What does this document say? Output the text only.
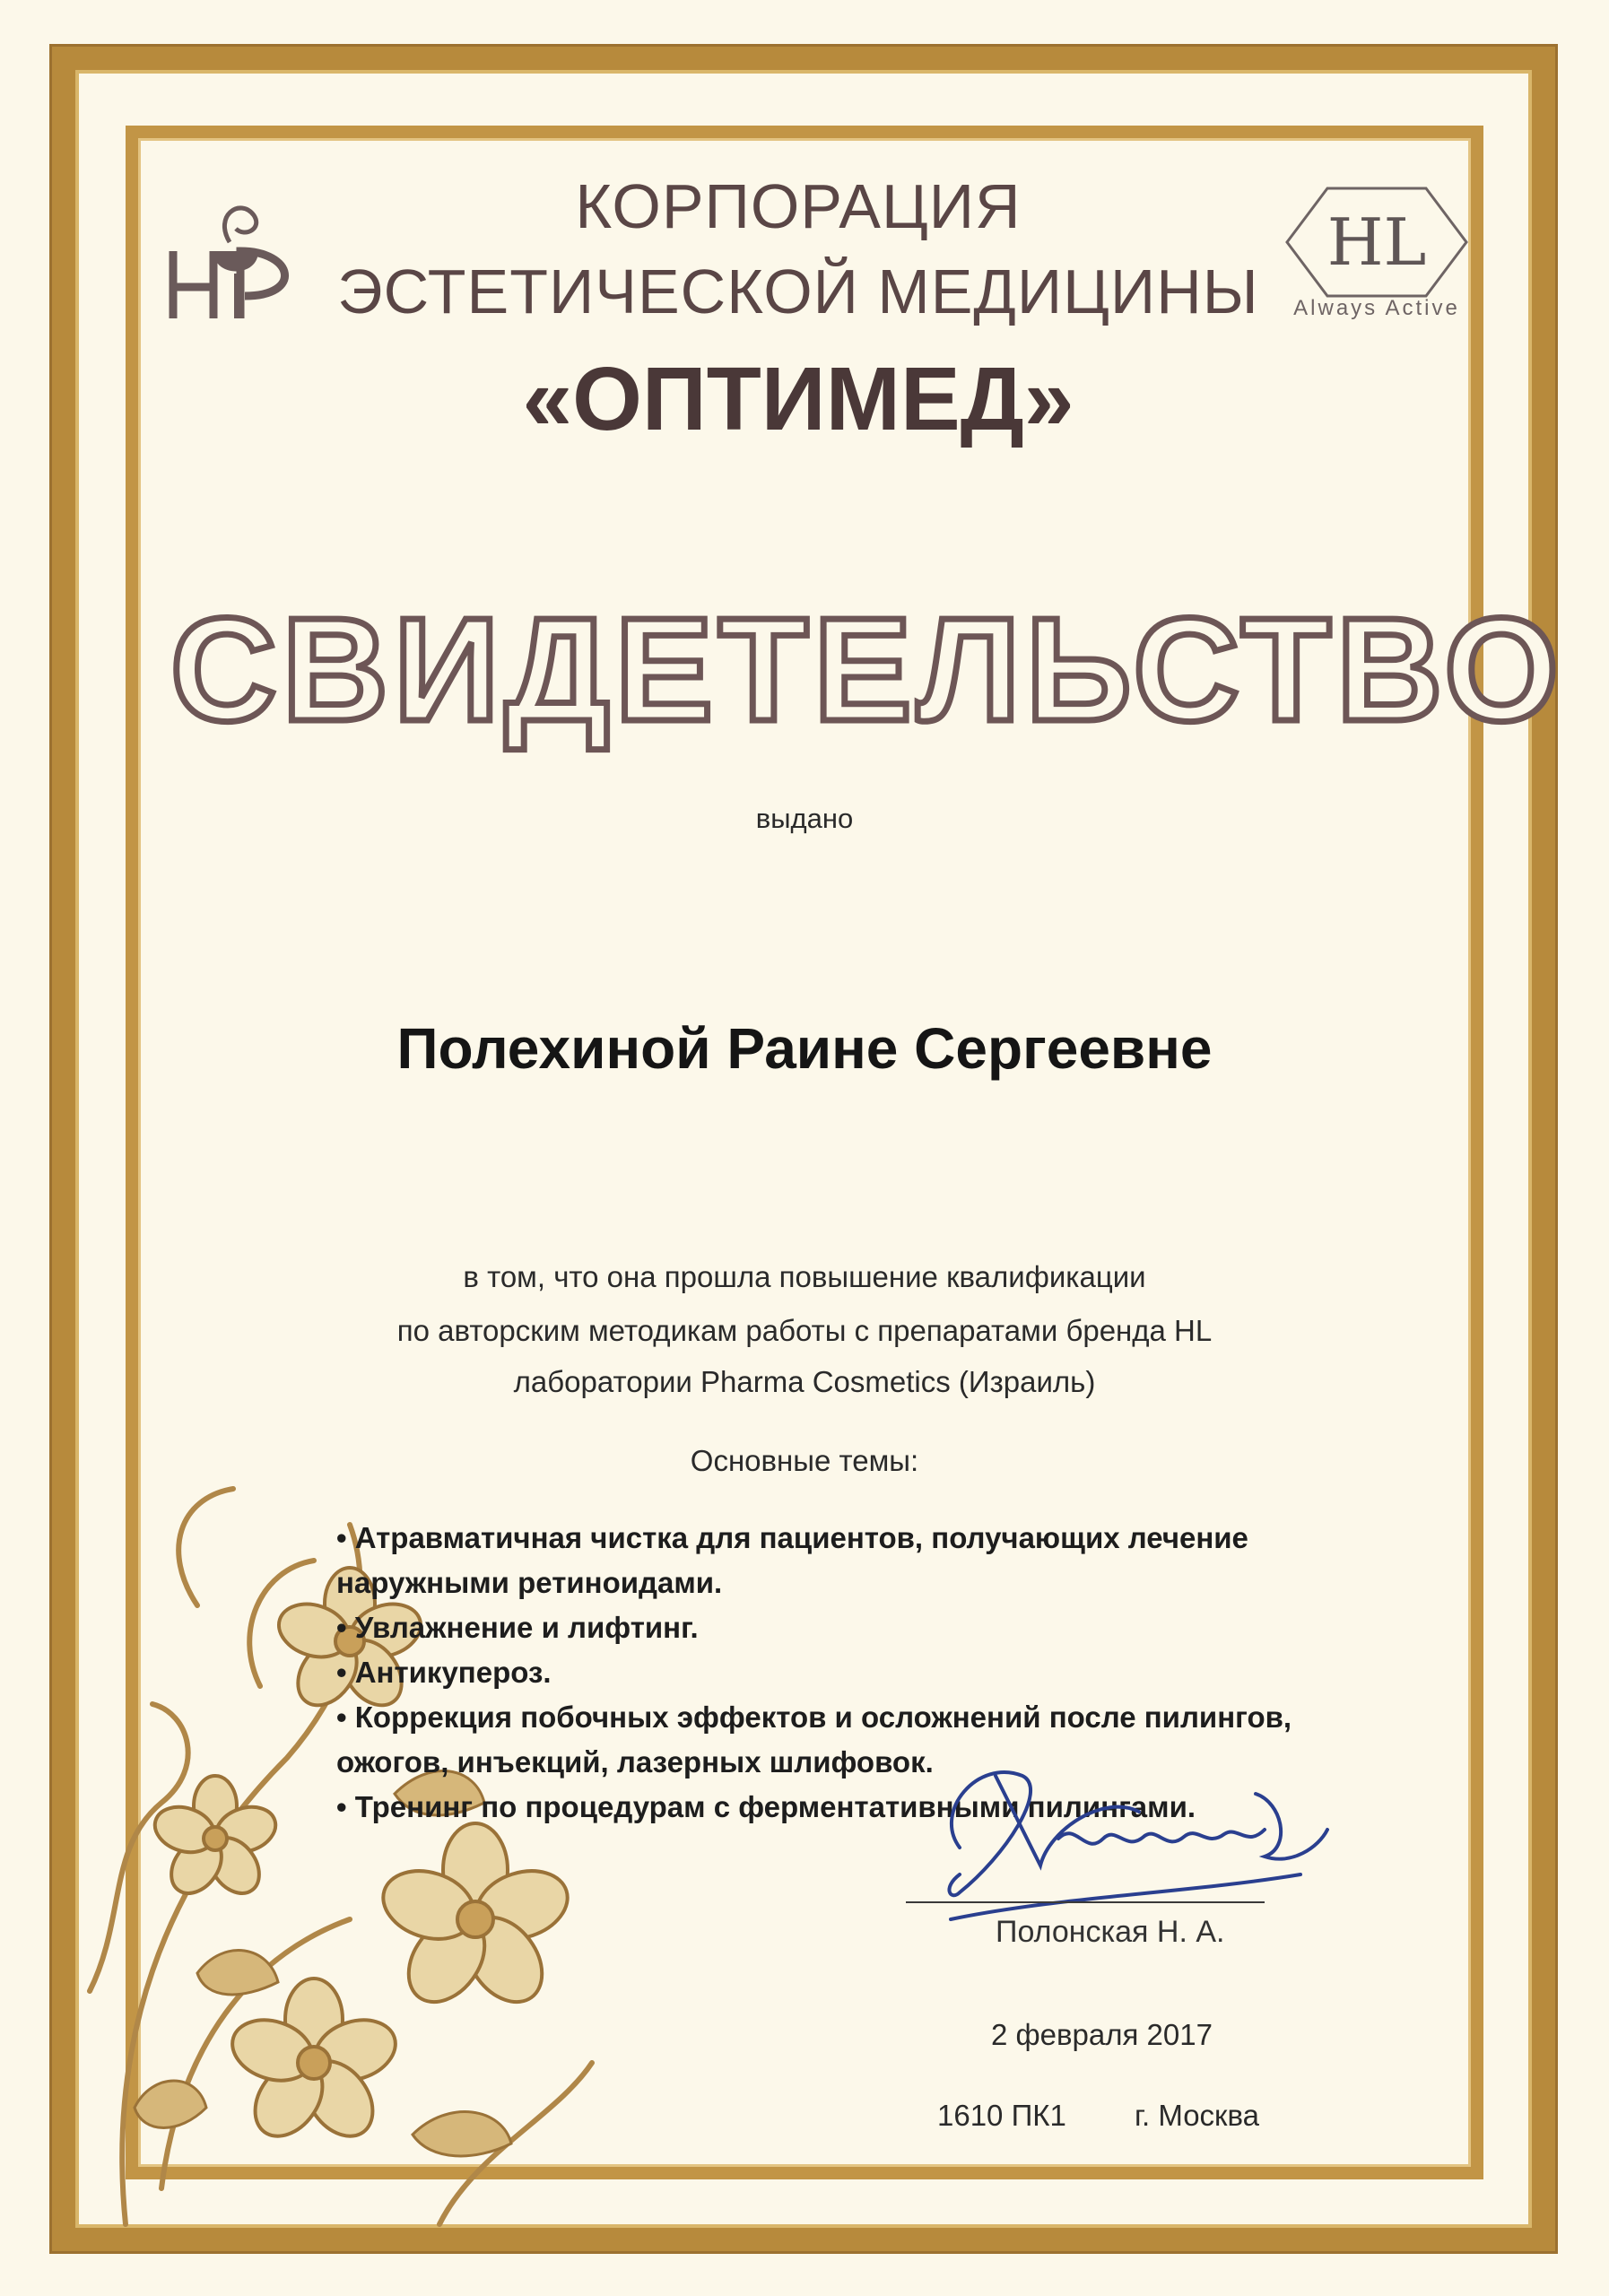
HL
Always Active
КОРПОРАЦИЯ
ЭСТЕТИЧЕСКОЙ МЕДИЦИНЫ
«ОПТИМЕД»
СВИДЕТЕЛЬСТВО
выдано
Полехиной Раине Сергеевне
в том, что она прошла повышение квалификации
по авторским методикам работы с препаратами бренда HL
лаборатории Pharma Cosmetics (Израиль)
Основные темы:
• Атравматичная чистка для пациентов, получающих лечение
наружными ретиноидами.
• Увлажнение и лифтинг.
• Антикупероз.
• Коррекция побочных эффектов и осложнений после пилингов,
ожогов, инъекций, лазерных шлифовок.
• Тренинг по процедурам с ферментативными пилингами.
Полонская Н. А.
2 февраля 2017
1610 ПК1 г. Москва
